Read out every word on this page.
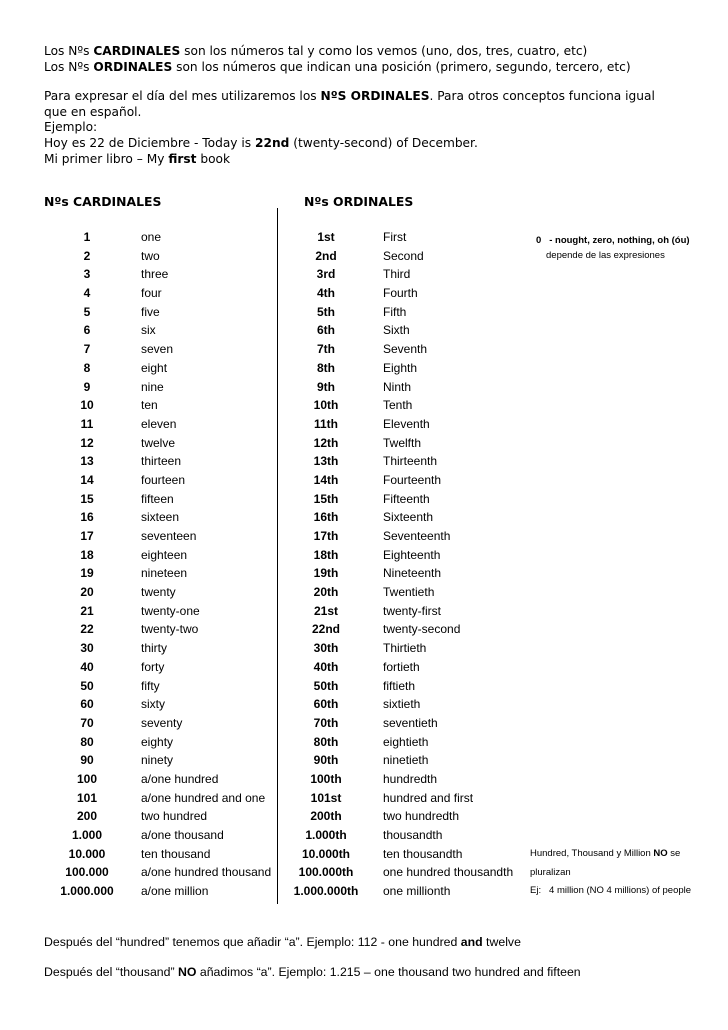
Los Nºs CARDINALES son los números tal y como los vemos (uno, dos, tres, cuatro, etc)

Los Nºs ORDINALES son los números que indican una posición (primero, segundo, tercero, etc)

Para expresar el día del mes utilizaremos los NºS ORDINALES. Para otros conceptos funciona igual

que en español.

Ejemplo:

Hoy es 22 de Diciembre - Today is 22nd (twenty-second) of December.

Mi primer libro – My first book

Nºs CARDINALES	Nºs ORDINALES
1	one	1st	First
2	two	2nd	Second
3	three	3rd	Third
4	four	4th	Fourth
5	five	5th	Fifth
6	six	6th	Sixth
7	seven	7th	Seventh
8	eight	8th	Eighth
9	nine	9th	Ninth
10	ten	10th	Tenth
11	eleven	11th	Eleventh
12	twelve	12th	Twelfth
13	thirteen	13th	Thirteenth
14	fourteen	14th	Fourteenth
15	fifteen	15th	Fifteenth
16	sixteen	16th	Sixteenth
17	seventeen	17th	Seventeenth
18	eighteen	18th	Eighteenth
19	nineteen	19th	Nineteenth
20	twenty	20th	Twentieth
21	twenty-one	21st	twenty-first
22	twenty-two	22nd	twenty-second
30	thirty	30th	Thirtieth
40	forty	40th	fortieth
50	fifty	50th	fiftieth
60	sixty	60th	sixtieth
70	seventy	70th	seventieth
80	eighty	80th	eightieth
90	ninety	90th	ninetieth
100	a/one hundred	100th	hundredth
101	a/one hundred and one	101st	hundred and first
200	two hundred	200th	two hundredth
1.000	a/one thousand	1.000th	thousandth
10.000	ten thousand	10.000th	ten thousandth
100.000	a/one hundred thousand	100.000th	one hundred thousandth
1.000.000	a/one million	1.000.000th	one millionth
0 - nought, zero, nothing, oh (óu)
depende de las expresiones
Hundred, Thousand y Million NO se
pluralizan
Ej: 4 million (NO 4 millions) of people
Después del “hundred” tenemos que añadir “a”. Ejemplo: 112 - one hundred and twelve
Después del “thousand” NO añadimos “a”. Ejemplo: 1.215 – one thousand two hundred and fifteen
